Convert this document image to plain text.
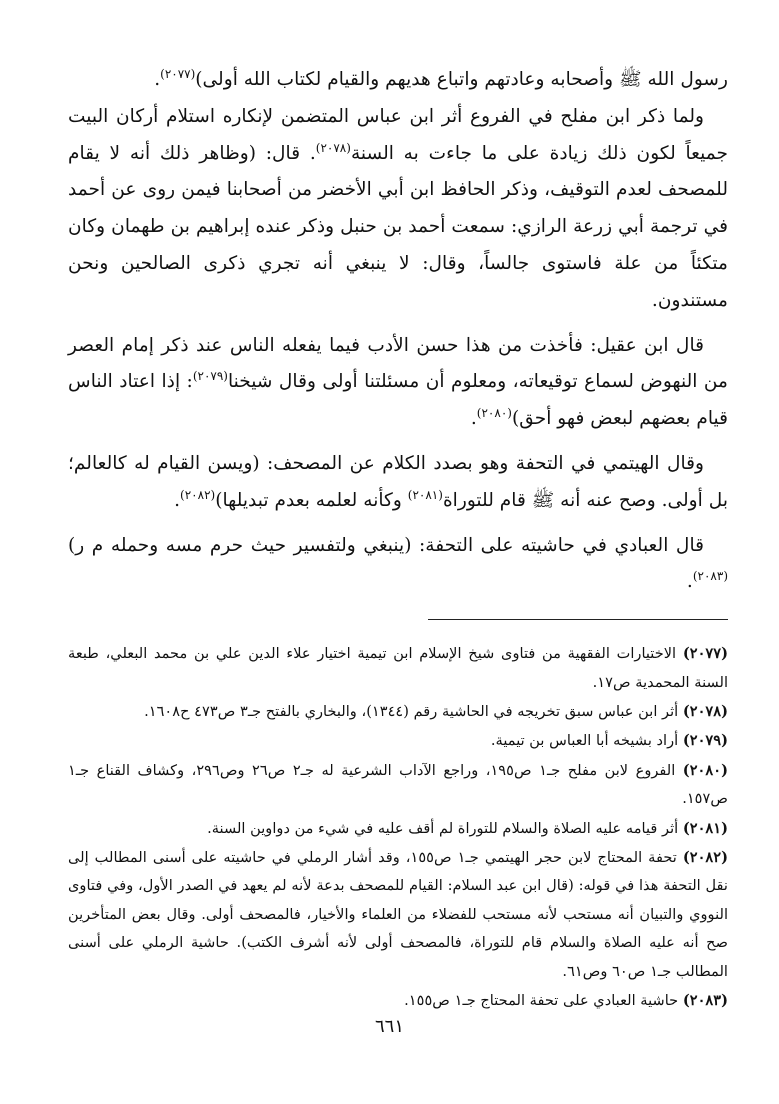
رسول الله ﷺ وأصحابه وعادتهم واتباع هديهم والقيام لكتاب الله أولى)$^{(٢٠٧٧)}$.

ولما ذكر ابن مفلح في الفروع أثر ابن عباس المتضمن لإنكاره استلام أركان البيت جميعاً لكون ذلك زيادة على ما جاءت به السنة$^{(٢٠٧٨)}$. قال: (وظاهر ذلك أنه لا يقام للمصحف لعدم التوقيف، وذكر الحافظ ابن أبي الأخضر من أصحابنا فيمن روى عن أحمد في ترجمة أبي زرعة الرازي: سمعت أحمد بن حنبل وذكر عنده إبراهيم بن طهمان وكان متكئاً من علة فاستوى جالساً، وقال: لا ينبغي أنه تجري ذكرى الصالحين ونحن مستندون.

قال ابن عقيل: فأخذت من هذا حسن الأدب فيما يفعله الناس عند ذكر إمام العصر من النهوض لسماع توقيعاته، ومعلوم أن مسئلتنا أولى وقال شيخنا$^{(٢٠٧٩)}$: إذا اعتاد الناس قيام بعضهم لبعض فهو أحق)$^{(٢٠٨٠)}$.

وقال الهيتمي في التحفة وهو بصدد الكلام عن المصحف: (ويسن القيام له كالعالم؛ بل أولى. وصح عنه أنه ﷺ قام للتوراة$^{(٢٠٨١)}$ وكأنه لعلمه بعدم تبديلها)$^{(٢٠٨٢)}$.

قال العبادي في حاشيته على التحفة: (ينبغي ولتفسير حيث حرم مسه وحمله م ر)$^{(٢٠٨٣)}$.

(٢٠٧٧) الاختيارات الفقهية من فتاوى شيخ الإسلام ابن تيمية اختيار علاء الدين علي بن محمد البعلي، طبعة السنة المحمدية ص١٧.

(٢٠٧٨) أثر ابن عباس سبق تخريجه في الحاشية رقم (١٣٤٤)، والبخاري بالفتح جـ٣ ص٤٧٣ ح١٦٠٨.

(٢٠٧٩) أراد بشيخه أبا العباس بن تيمية.

(٢٠٨٠) الفروع لابن مفلح جـ١ ص١٩٥، وراجع الآداب الشرعية له جـ٢ ص٢٦ وص٢٩٦، وكشاف القناع جـ١ ص١٥٧.

(٢٠٨١) أثر قيامه عليه الصلاة والسلام للتوراة لم أقف عليه في شيء من دواوين السنة.

(٢٠٨٢) تحفة المحتاج لابن حجر الهيتمي جـ١ ص١٥٥، وقد أشار الرملي في حاشيته على أسنى المطالب إلى نقل التحفة هذا في قوله: (قال ابن عبد السلام: القيام للمصحف بدعة لأنه لم يعهد في الصدر الأول، وفي فتاوى النووي والتبيان أنه مستحب لأنه مستحب للفضلاء من العلماء والأخيار، فالمصحف أولى. وقال بعض المتأخرين صح أنه عليه الصلاة والسلام قام للتوراة، فالمصحف أولى لأنه أشرف الكتب). حاشية الرملي على أسنى المطالب جـ١ ص٦٠ وص٦١.

(٢٠٨٣) حاشية العبادي على تحفة المحتاج جـ١ ص١٥٥.

٦٦١
